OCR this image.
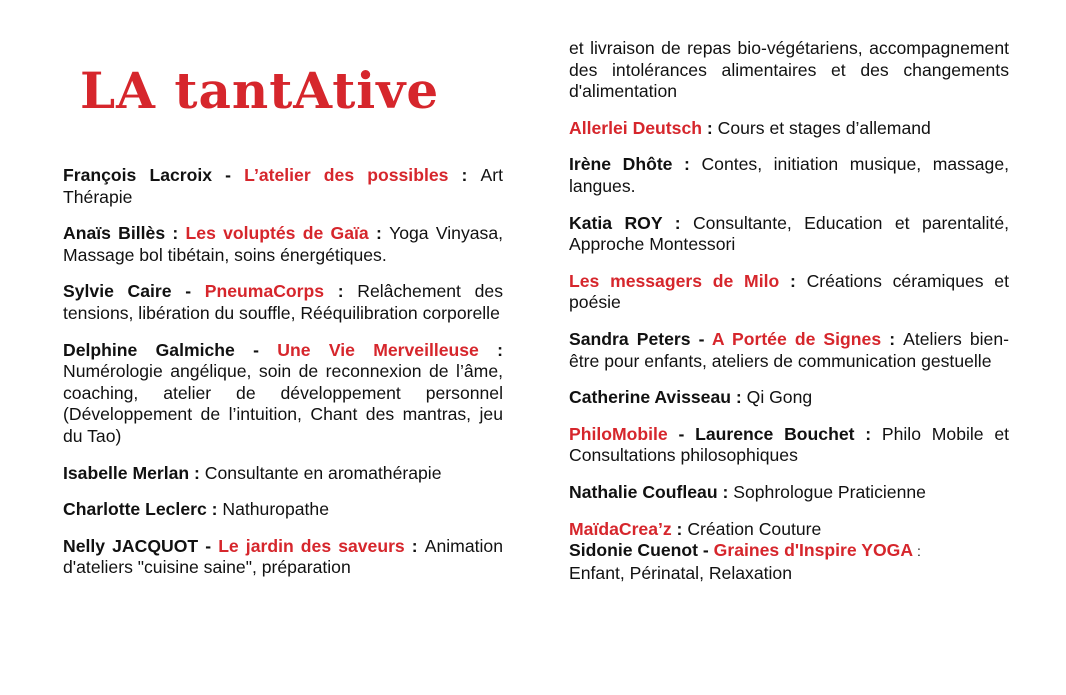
LA tantAtive

François Lacroix - L’atelier des possibles : Art Thérapie

Anaïs Billès : Les voluptés de Gaïa : Yoga Vinyasa, Massage bol tibétain, soins énergétiques.

Sylvie Caire - PneumaCorps : Relâchement des tensions, libération du souffle, Rééquilibration corporelle

Delphine Galmiche - Une Vie Merveilleuse : Numérologie angélique, soin de reconnexion de l’âme, coaching, atelier de développement personnel (Développement de l’intuition, Chant des mantras, jeu du Tao)

Isabelle Merlan : Consultante en aromathérapie

Charlotte Leclerc : Nathuropathe

Nelly JACQUOT - Le jardin des saveurs : Animation d'ateliers "cuisine saine", préparation

et livraison de repas bio-végétariens, accompagnement des intolérances alimentaires et des changements d'alimentation

Allerlei Deutsch : Cours et stages d’allemand

Irène Dhôte : Contes, initiation musique, massage, langues.

Katia ROY : Consultante, Education et parentalité, Approche Montessori

Les messagers de Milo : Créations céramiques et poésie

Sandra Peters - A Portée de Signes : Ateliers bien-être pour enfants, ateliers de communication gestuelle

Catherine Avisseau : Qi Gong

PhiloMobile - Laurence Bouchet : Philo Mobile et Consultations philosophiques

Nathalie Coufleau : Sophrologue Praticienne

MaïdaCrea’z : Création Couture

Sidonie Cuenot - Graines d'Inspire YOGA :
Enfant, Périnatal, Relaxation
